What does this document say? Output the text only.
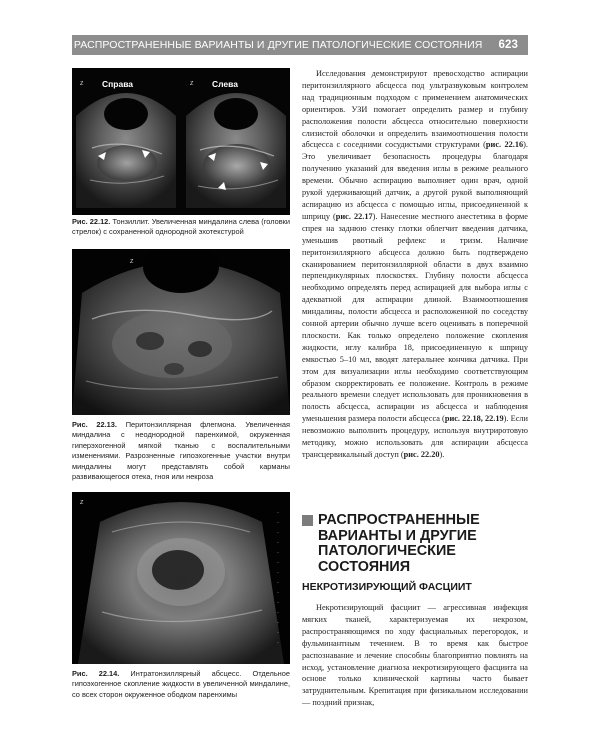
РАСПРОСТРАНЕННЫЕ ВАРИАНТЫ И ДРУГИЕ ПАТОЛОГИЧЕСКИЕ СОСТОЯНИЯ 623
Z	Z
Справа	Слева
Рис. 22.12. Тонзиллит. Увеличенная миндалина слева (головки стрелок) с сохраненной однородной эхотекстурой
Z
Рис. 22.13. Перитонзиллярная флегмона. Увеличенная миндалина с неоднородной паренхимой, окруженная гиперэхогенной мягкой тканью с воспалительными изменениями. Разрозненные гипоэхогенные участки внутри миндалины могут представлять собой карманы развивающегося отека, гноя или некроза
Z
Рис. 22.14. Интратонзиллярный абсцесс. Отдельное гипоэхогенное скопление жидкости в увеличенной миндалине, со всех сторон окруженное ободком паренхимы

Исследования демонстрируют превосходство аспирации перитонзиллярного абсцесса под ультразвуковым контролем над традиционным подходом с применением анатомических ориентиров. УЗИ помогает определить размер и глубину расположения полости абсцесса относительно поверхности слизистой оболочки и определить взаимоотношения полости абсцесса с соседними сосудистыми структурами (рис. 22.16). Это увеличивает безопасность процедуры благодаря получению указаний для введения иглы в режиме реального времени. Обычно аспирацию выполняет один врач, одной рукой удерживающий датчик, а другой рукой выполняющий аспирацию из абсцесса с помощью иглы, присоединенной к шприцу (рис. 22.17). Нанесение местного анестетика в форме спрея на заднюю стенку глотки облегчит введения датчика, уменьшив рвотный рефлекс и тризм. Наличие перитонзиллярного абсцесса должно быть подтверждено сканированием перитонзиллярной области в двух взаимно перпендикулярных плоскостях. Глубину полости абсцесса необходимо определять перед аспирацией для выбора иглы с адекватной для аспирации длиной. Взаимоотношения миндалины, полости абсцесса и расположенной по соседству сонной артерии обычно лучше всего оценивать в поперечной плоскости. Как только определено положение скопления жидкости, иглу калибра 18, присоединенную к шприцу емкостью 5–10 мл, вводят латеральнее кончика датчика. При этом для визуализации иглы необходимо соответствующим образом скорректировать ее положение. Контроль в режиме реального времени следует использовать для проникновения в полость абсцесса, аспирации из абсцесса и наблюдения уменьшения размера полости абсцесса (рис. 22.18, 22.19). Если невозможно выполнить процедуру, используя внутриротовую методику, можно использовать для аспирации абсцесса трансцервикальный доступ (рис. 22.20).

РАСПРОСТРАНЕННЫЕ ВАРИАНТЫ И ДРУГИЕ ПАТОЛОГИЧЕСКИЕ СОСТОЯНИЯ
НЕКРОТИЗИРУЮЩИЙ ФАСЦИИТ

Некротизирующий фасциит — агрессивная инфекция мягких тканей, характеризуемая их некрозом, распространяющимся по ходу фасциальных перегородок, и фульминантным течением. В то время как быстрое распознавание и лечение способны благоприятно повлиять на исход, установление диагноза некротизирующего фасциита на основе только клинической картины часто бывает затруднительным. Крепитация при физикальном исследовании — поздний признак,
